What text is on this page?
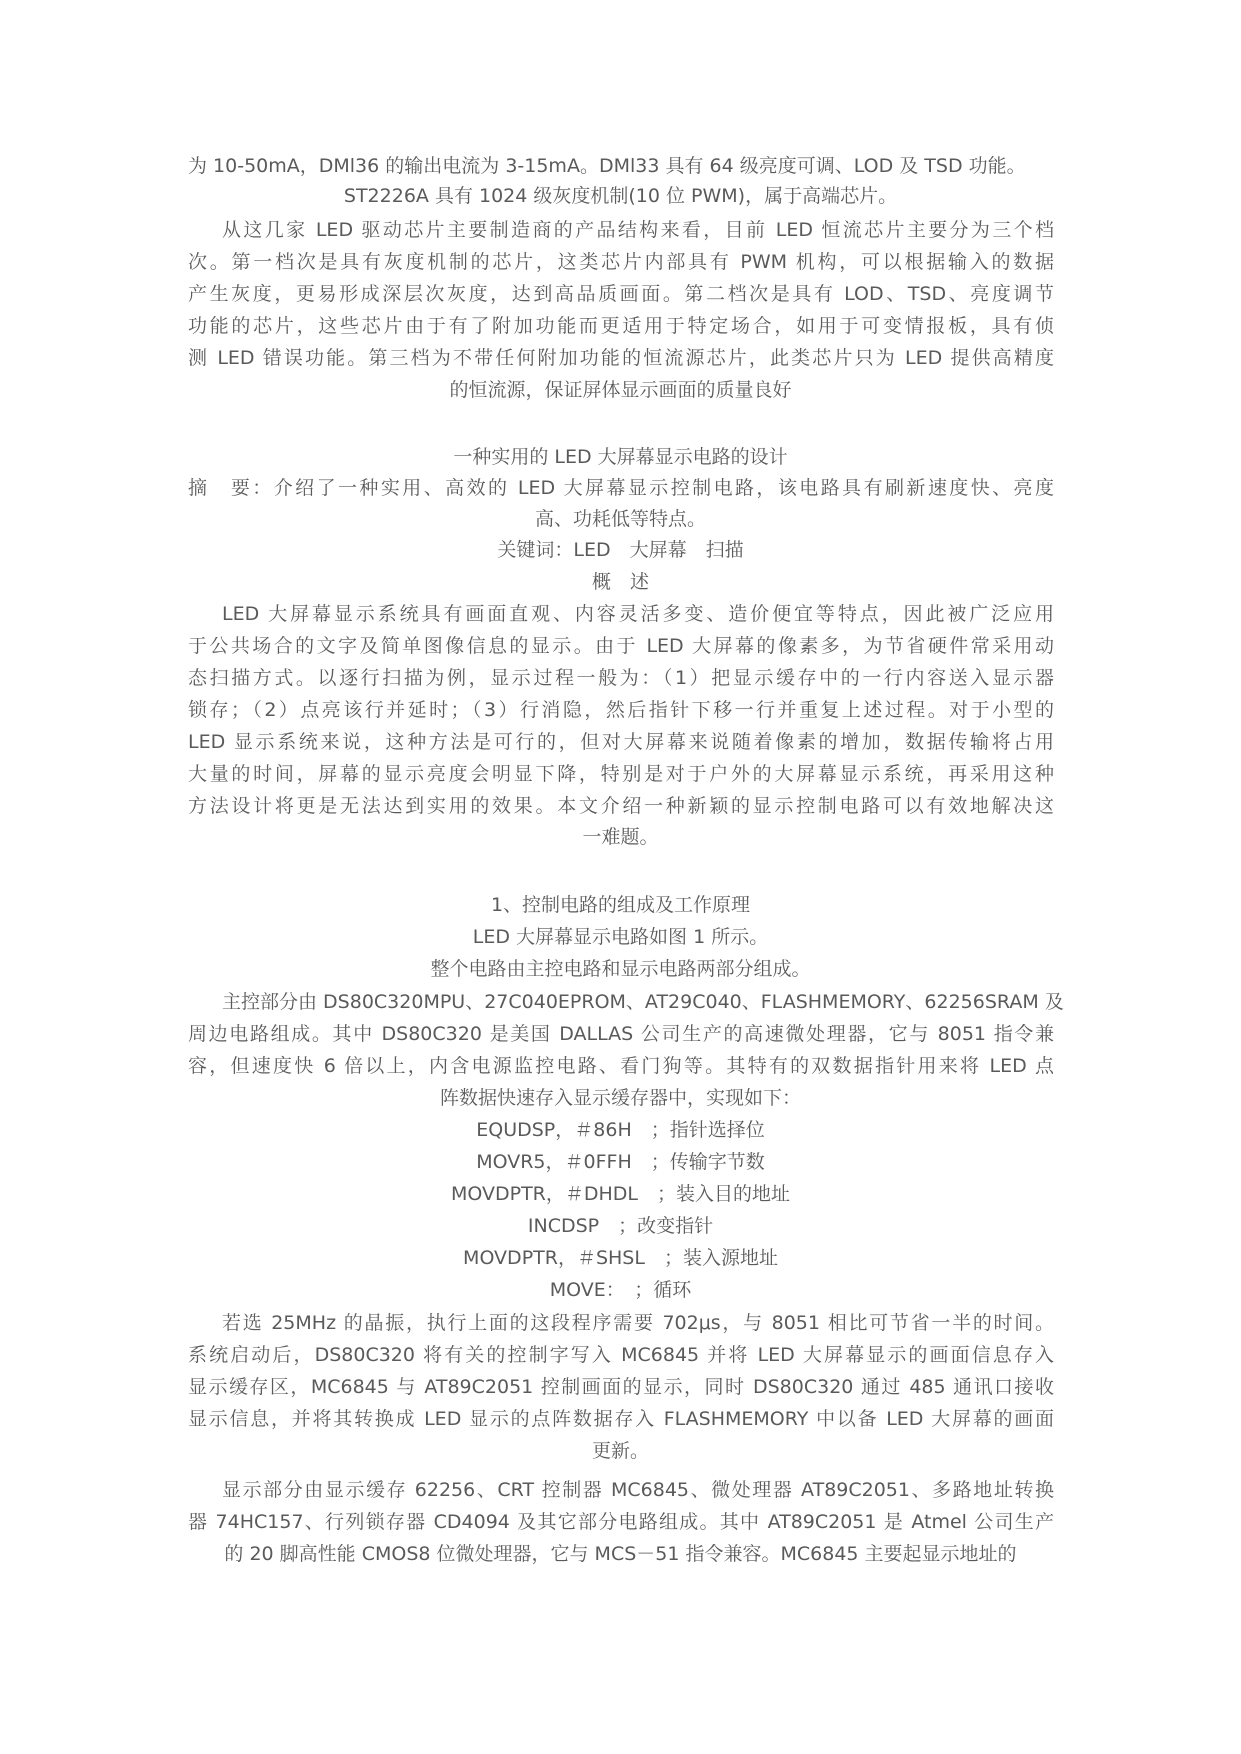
为 10-50mA，DMl36 的输出电流为 3-15mA。DMl33 具有 64 级亮度可调、LOD 及 TSD 功能。
ST2226A 具有 1024 级灰度机制(10 位 PWM)，属于高端芯片。
从这几家 LED 驱动芯片主要制造商的产品结构来看，目前 LED 恒流芯片主要分为三个档
次。第一档次是具有灰度机制的芯片，这类芯片内部具有 PWM 机构，可以根据输入的数据
产生灰度，更易形成深层次灰度，达到高品质画面。第二档次是具有 LOD、TSD、亮度调节
功能的芯片，这些芯片由于有了附加功能而更适用于特定场合，如用于可变情报板，具有侦
测 LED 错误功能。第三档为不带任何附加功能的恒流源芯片，此类芯片只为 LED 提供高精度
的恒流源，保证屏体显示画面的质量良好
一种实用的 LED 大屏幕显示电路的设计
摘　要：介绍了一种实用、高效的 LED 大屏幕显示控制电路，该电路具有刷新速度快、亮度
高、功耗低等特点。
关键词：LED　大屏幕　扫描
概　述
LED 大屏幕显示系统具有画面直观、内容灵活多变、造价便宜等特点，因此被广泛应用
于公共场合的文字及简单图像信息的显示。由于 LED 大屏幕的像素多，为节省硬件常采用动
态扫描方式。以逐行扫描为例，显示过程一般为：（1）把显示缓存中的一行内容送入显示器
锁存；（2）点亮该行并延时；（3）行消隐，然后指针下移一行并重复上述过程。对于小型的
LED 显示系统来说，这种方法是可行的，但对大屏幕来说随着像素的增加，数据传输将占用
大量的时间，屏幕的显示亮度会明显下降，特别是对于户外的大屏幕显示系统，再采用这种
方法设计将更是无法达到实用的效果。本文介绍一种新颖的显示控制电路可以有效地解决这
一难题。
1、控制电路的组成及工作原理
LED 大屏幕显示电路如图 1 所示。
整个电路由主控电路和显示电路两部分组成。
主控部分由 DS80C320MPU、27C040EPROM、AT29C040、FLASHMEMORY、62256SRAM 及
周边电路组成。其中 DS80C320 是美国 DALLAS 公司生产的高速微处理器，它与 8051 指令兼
容，但速度快 6 倍以上，内含电源监控电路、看门狗等。其特有的双数据指针用来将 LED 点
阵数据快速存入显示缓存器中，实现如下：
EQUDSP，＃86H　；指针选择位
MOVR5，＃0FFH　；传输字节数
MOVDPTR，＃DHDL　；装入目的地址
INCDSP　；改变指针
MOVDPTR，＃SHSL　；装入源地址
MOVE：　；循环
若选 25MHz 的晶振，执行上面的这段程序需要 702μs，与 8051 相比可节省一半的时间。
系统启动后，DS80C320 将有关的控制字写入 MC6845 并将 LED 大屏幕显示的画面信息存入
显示缓存区，MC6845 与 AT89C2051 控制画面的显示，同时 DS80C320 通过 485 通讯口接收
显示信息，并将其转换成 LED 显示的点阵数据存入 FLASHMEMORY 中以备 LED 大屏幕的画面
更新。
显示部分由显示缓存 62256、CRT 控制器 MC6845、微处理器 AT89C2051、多路地址转换
器 74HC157、行列锁存器 CD4094 及其它部分电路组成。其中 AT89C2051 是 Atmel 公司生产
的 20 脚高性能 CMOS8 位微处理器，它与 MCS－51 指令兼容。MC6845 主要起显示地址的
